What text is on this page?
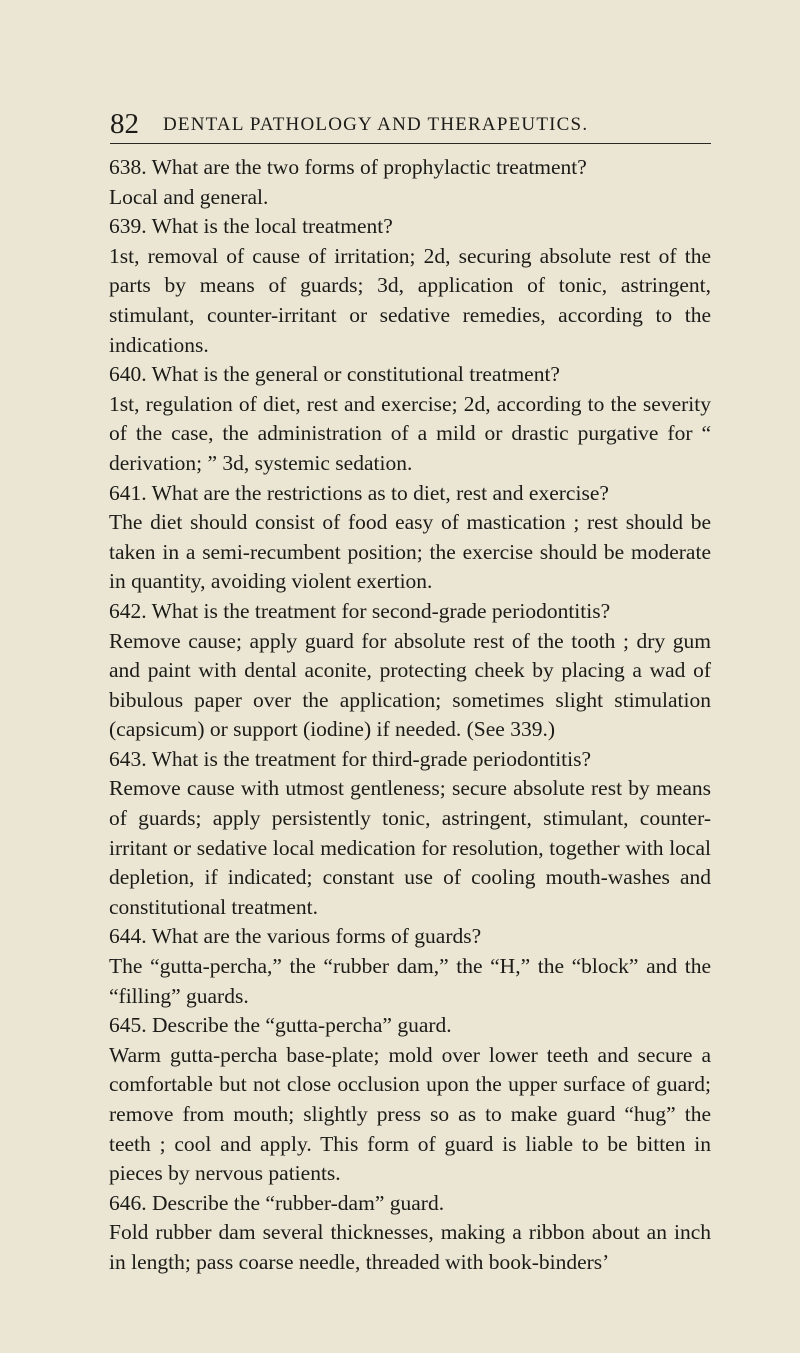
82 DENTAL PATHOLOGY AND THERAPEUTICS.

638. What are the two forms of prophylactic treatment?

Local and general.

639. What is the local treatment?

1st, removal of cause of irritation; 2d, securing absolute rest of the parts by means of guards; 3d, application of tonic, astringent, stimulant, counter-irritant or sedative remedies, according to the indications.

640. What is the general or constitutional treatment?

1st, regulation of diet, rest and exercise; 2d, according to the severity of the case, the administration of a mild or drastic purgative for “ derivation; ” 3d, systemic sedation.

641. What are the restrictions as to diet, rest and exercise?

The diet should consist of food easy of mastication ; rest should be taken in a semi-recumbent position; the exercise should be moderate in quantity, avoiding violent exertion.

642. What is the treatment for second-grade periodontitis?

Remove cause; apply guard for absolute rest of the tooth ; dry gum and paint with dental aconite, protecting cheek by placing a wad of bibulous paper over the application; sometimes slight stimulation (capsicum) or support (iodine) if needed. (See 339.)

643. What is the treatment for third-grade periodontitis?

Remove cause with utmost gentleness; secure absolute rest by means of guards; apply persistently tonic, astringent, stimulant, counter-irritant or sedative local medication for resolution, together with local depletion, if indicated; constant use of cooling mouth-washes and constitutional treatment.

644. What are the various forms of guards?

The “gutta-percha,” the “rubber dam,” the “H,” the “block” and the “filling” guards.

645. Describe the “gutta-percha” guard.

Warm gutta-percha base-plate; mold over lower teeth and secure a comfortable but not close occlusion upon the upper surface of guard; remove from mouth; slightly press so as to make guard “hug” the teeth ; cool and apply. This form of guard is liable to be bitten in pieces by nervous patients.

646. Describe the “rubber-dam” guard.

Fold rubber dam several thicknesses, making a ribbon about an inch in length; pass coarse needle, threaded with book-binders’
